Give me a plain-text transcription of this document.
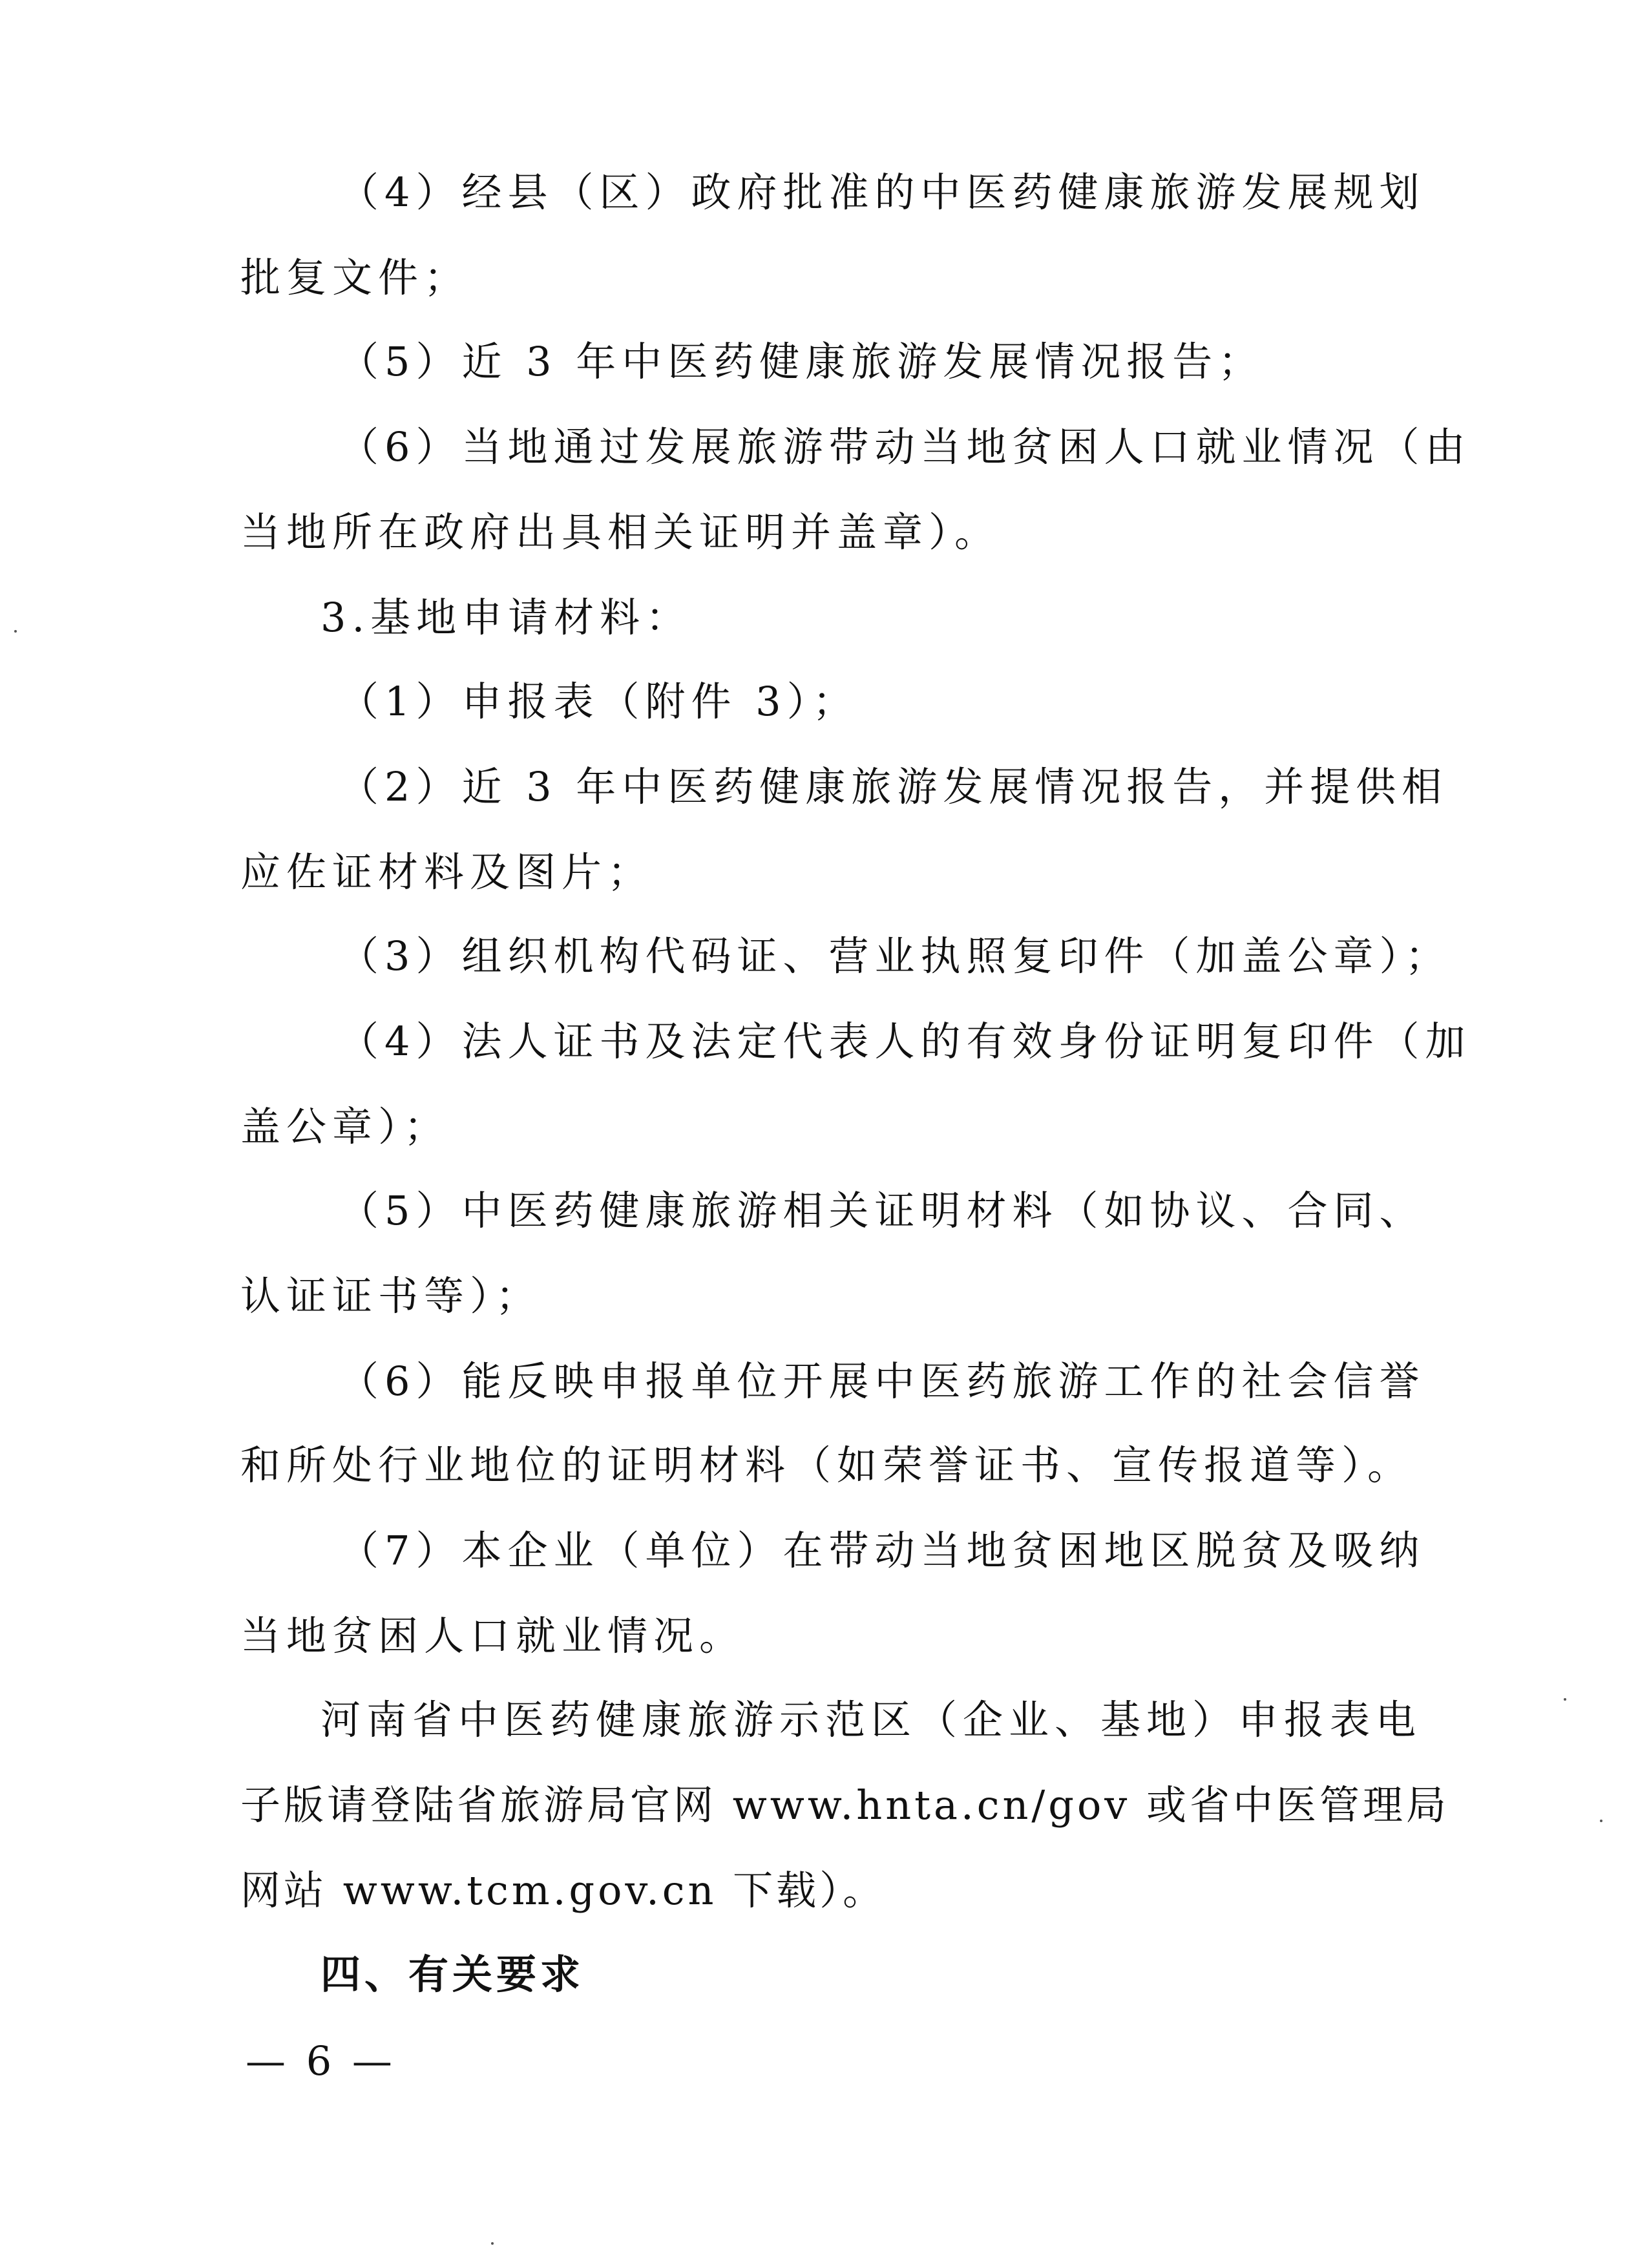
（4）经县（区）政府批准的中医药健康旅游发展规划
批复文件；
（5）近 3 年中医药健康旅游发展情况报告；
（6）当地通过发展旅游带动当地贫困人口就业情况（由
当地所在政府出具相关证明并盖章）。
3.基地申请材料：
（1）申报表（附件 3）；
（2）近 3 年中医药健康旅游发展情况报告，并提供相
应佐证材料及图片；
（3）组织机构代码证、营业执照复印件（加盖公章）；
（4）法人证书及法定代表人的有效身份证明复印件（加
盖公章）；
（5）中医药健康旅游相关证明材料（如协议、合同、
认证证书等）；
（6）能反映申报单位开展中医药旅游工作的社会信誉
和所处行业地位的证明材料（如荣誉证书、宣传报道等）。
（7）本企业（单位）在带动当地贫困地区脱贫及吸纳
当地贫困人口就业情况。
河南省中医药健康旅游示范区（企业、基地）申报表电
子版请登陆省旅游局官网 www.hnta.cn/gov 或省中医管理局
网站 www.tcm.gov.cn 下载）。
四、有关要求
— 6 —
